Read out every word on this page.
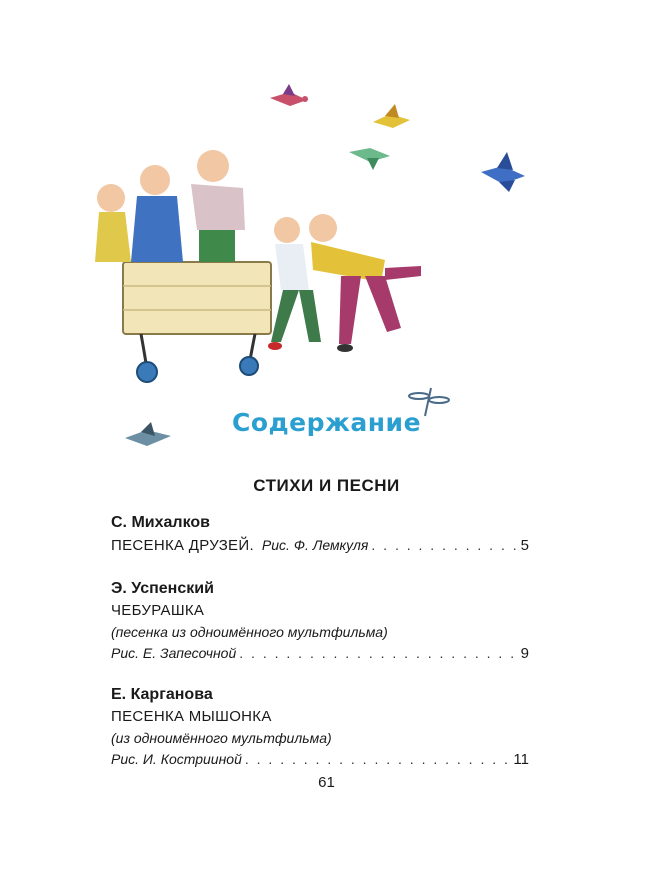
Содержание
СТИХИ И ПЕСНИ
С. Михалков
ПЕСЕНКА ДРУЗЕЙ. Рис. Ф. Лемкуля . . .	5
Э. Успенский
ЧЕБУРАШКА
(песенка из одноимённого мультфильма)
Рис. Е. Запесочной . . .	9
Е. Карганова
ПЕСЕНКА МЫШОНКА
(из одноимённого мультфильма)
Рис. И. Кострииной . . .	11
61
